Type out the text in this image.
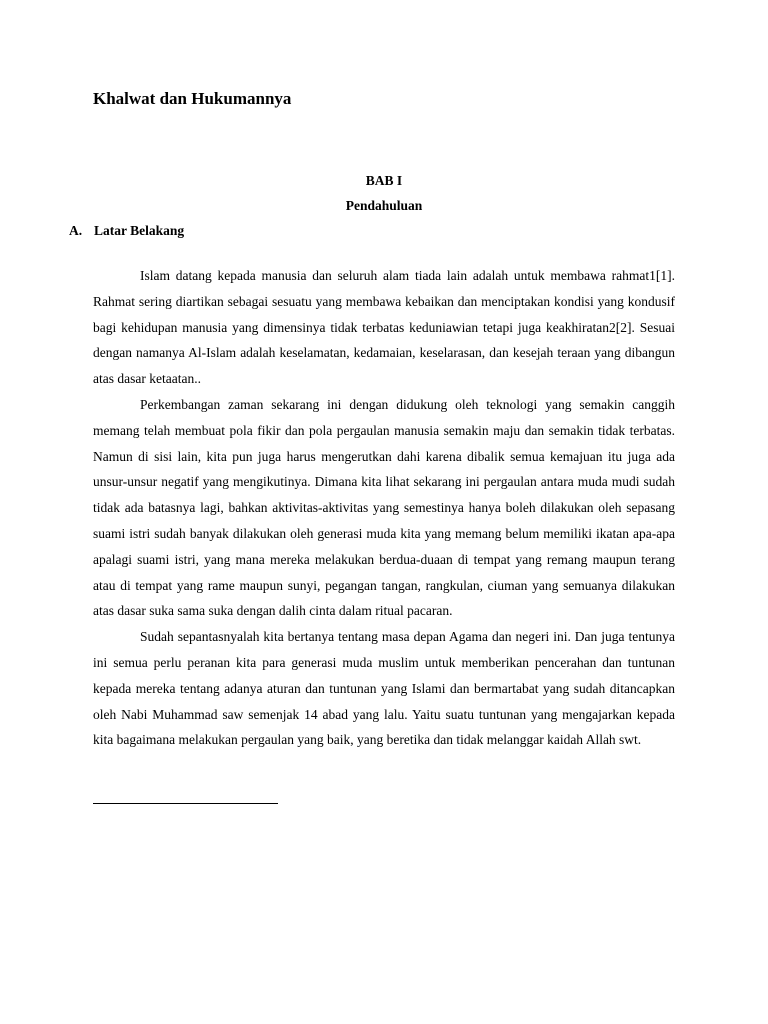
Khalwat dan Hukumannya

BAB I

Pendahuluan

A. Latar Belakang

Islam datang kepada manusia dan seluruh alam tiada lain adalah untuk membawa rahmat1[1]. Rahmat sering diartikan sebagai sesuatu yang membawa kebaikan dan menciptakan kondisi yang kondusif bagi kehidupan manusia yang dimensinya tidak terbatas keduniawian tetapi juga keakhiratan2[2]. Sesuai dengan namanya Al-Islam adalah keselamatan, kedamaian, keselarasan, dan kesejah teraan yang dibangun atas dasar ketaatan..

Perkembangan zaman sekarang ini dengan didukung oleh teknologi yang semakin canggih memang telah membuat pola fikir dan pola pergaulan manusia semakin maju dan semakin tidak terbatas. Namun di sisi lain, kita pun juga harus mengerutkan dahi karena dibalik semua kemajuan itu juga ada unsur-unsur negatif yang mengikutinya. Dimana kita lihat sekarang ini pergaulan antara muda mudi sudah tidak ada batasnya lagi, bahkan aktivitas-aktivitas yang semestinya hanya boleh dilakukan oleh sepasang suami istri sudah banyak dilakukan oleh generasi muda kita yang memang belum memiliki ikatan apa-apa apalagi suami istri, yang mana mereka melakukan berdua-duaan di tempat yang remang maupun terang atau di tempat yang rame maupun sunyi, pegangan tangan, rangkulan, ciuman yang semuanya dilakukan atas dasar suka sama suka dengan dalih cinta dalam ritual pacaran.

Sudah sepantasnyalah kita bertanya tentang masa depan Agama dan negeri ini. Dan juga tentunya ini semua perlu peranan kita para generasi muda muslim untuk memberikan pencerahan dan tuntunan kepada mereka tentang adanya aturan dan tuntunan yang Islami dan bermartabat yang sudah ditancapkan oleh Nabi Muhammad saw semenjak 14 abad yang lalu. Yaitu suatu tuntunan yang mengajarkan kepada kita bagaimana melakukan pergaulan yang baik, yang beretika dan tidak melanggar kaidah Allah swt.
